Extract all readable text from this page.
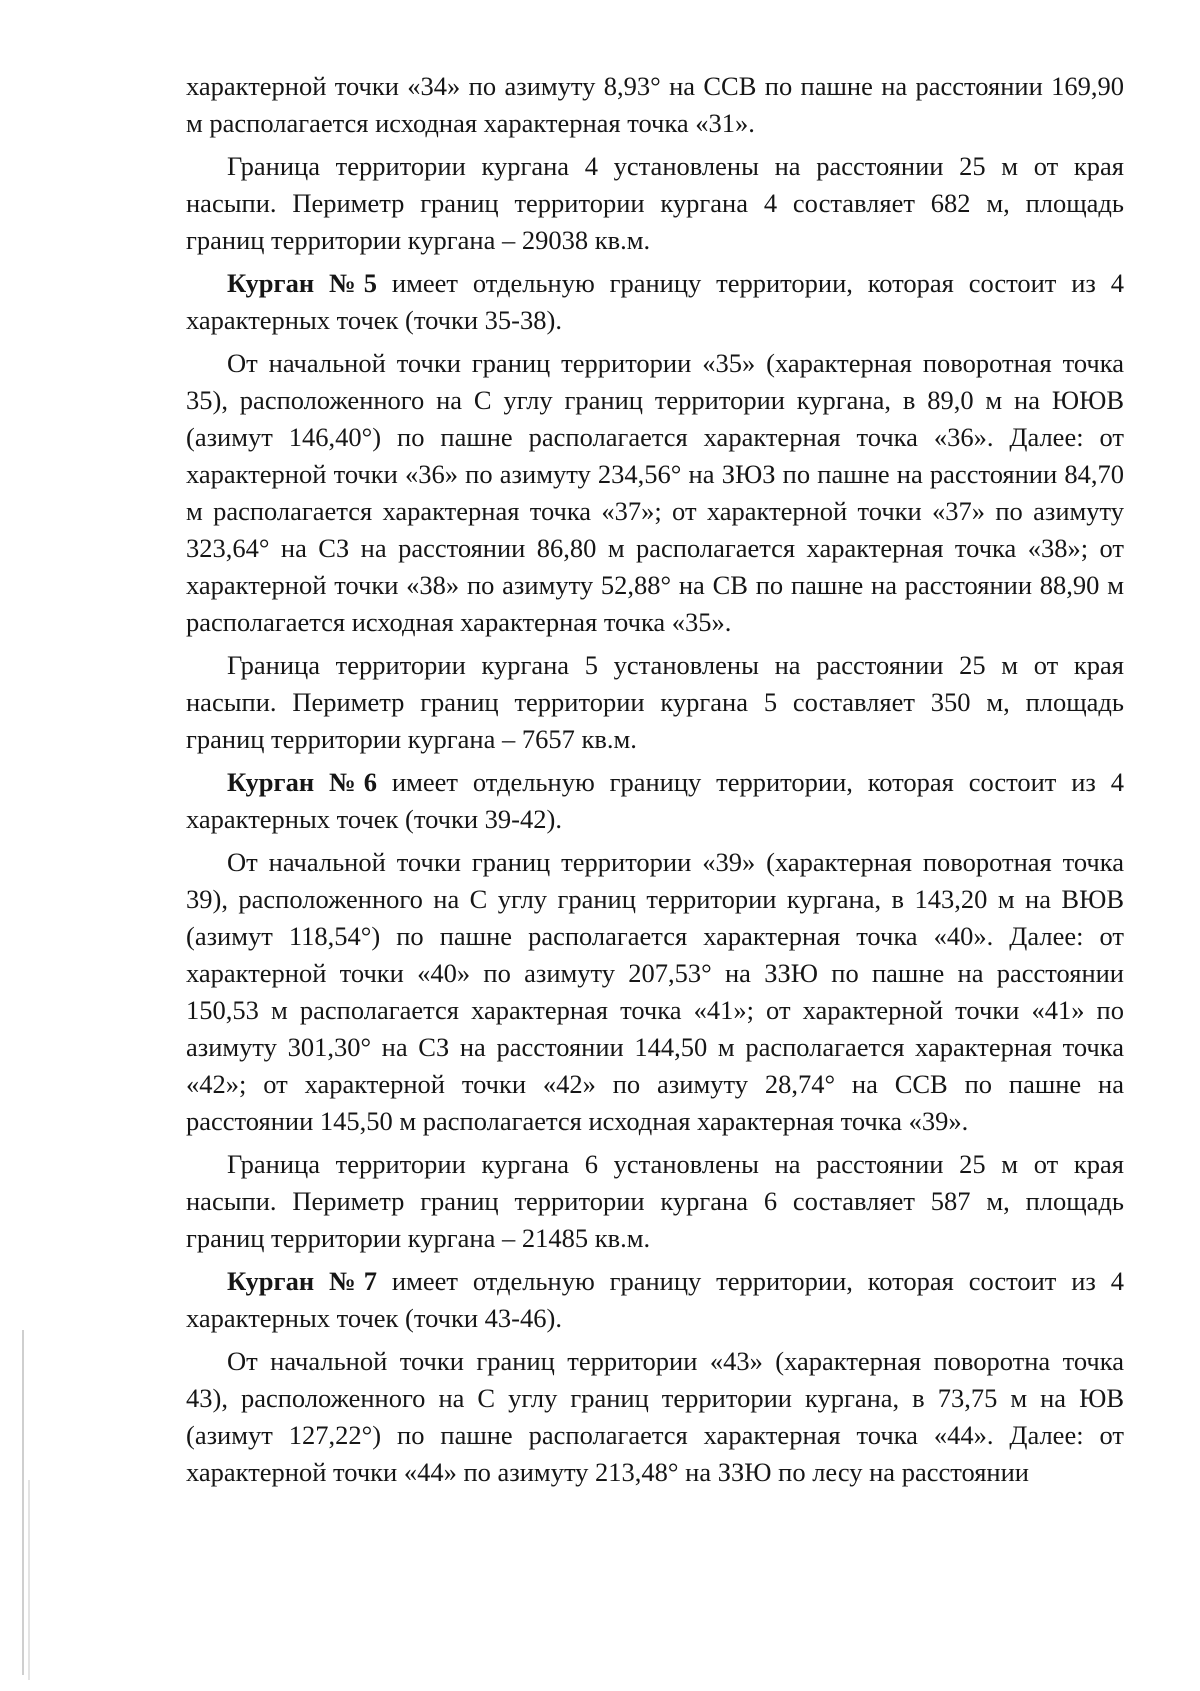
характерной точки «34» по азимуту 8,93° на ССВ по пашне на расстоянии 169,90 м располагается исходная характерная точка «31».

Граница территории кургана 4 установлены на расстоянии 25 м от края насыпи. Периметр границ территории кургана 4 составляет 682 м, площадь границ территории кургана – 29038 кв.м.

Курган №5 имеет отдельную границу территории, которая состоит из 4 характерных точек (точки 35-38).

От начальной точки границ территории «35» (характерная поворотная точка 35), расположенного на С углу границ территории кургана, в 89,0 м на ЮЮВ (азимут 146,40°) по пашне располагается характерная точка «36». Далее: от характерной точки «36» по азимуту 234,56° на ЗЮЗ по пашне на расстоянии 84,70 м располагается характерная точка «37»; от характерной точки «37» по азимуту 323,64° на СЗ на расстоянии 86,80 м располагается характерная точка «38»; от характерной точки «38» по азимуту 52,88° на СВ по пашне на расстоянии 88,90 м располагается исходная характерная точка «35».

Граница территории кургана 5 установлены на расстоянии 25 м от края насыпи. Периметр границ территории кургана 5 составляет 350 м, площадь границ территории кургана – 7657 кв.м.

Курган №6 имеет отдельную границу территории, которая состоит из 4 характерных точек (точки 39-42).

От начальной точки границ территории «39» (характерная поворотная точка 39), расположенного на С углу границ территории кургана, в 143,20 м на ВЮВ (азимут 118,54°) по пашне располагается характерная точка «40». Далее: от характерной точки «40» по азимуту 207,53° на ЗЗЮ по пашне на расстоянии 150,53 м располагается характерная точка «41»; от характерной точки «41» по азимуту 301,30° на СЗ на расстоянии 144,50 м располагается характерная точка «42»; от характерной точки «42» по азимуту 28,74° на ССВ по пашне на расстоянии 145,50 м располагается исходная характерная точка «39».

Граница территории кургана 6 установлены на расстоянии 25 м от края насыпи. Периметр границ территории кургана 6 составляет 587 м, площадь границ территории кургана – 21485 кв.м.

Курган №7 имеет отдельную границу территории, которая состоит из 4 характерных точек (точки 43-46).

От начальной точки границ территории «43» (характерная поворотна точка 43), расположенного на С углу границ территории кургана, в 73,75 м на ЮВ (азимут 127,22°) по пашне располагается характерная точка «44». Далее: от характерной точки «44» по азимуту 213,48° на ЗЗЮ по лесу на расстоянии
